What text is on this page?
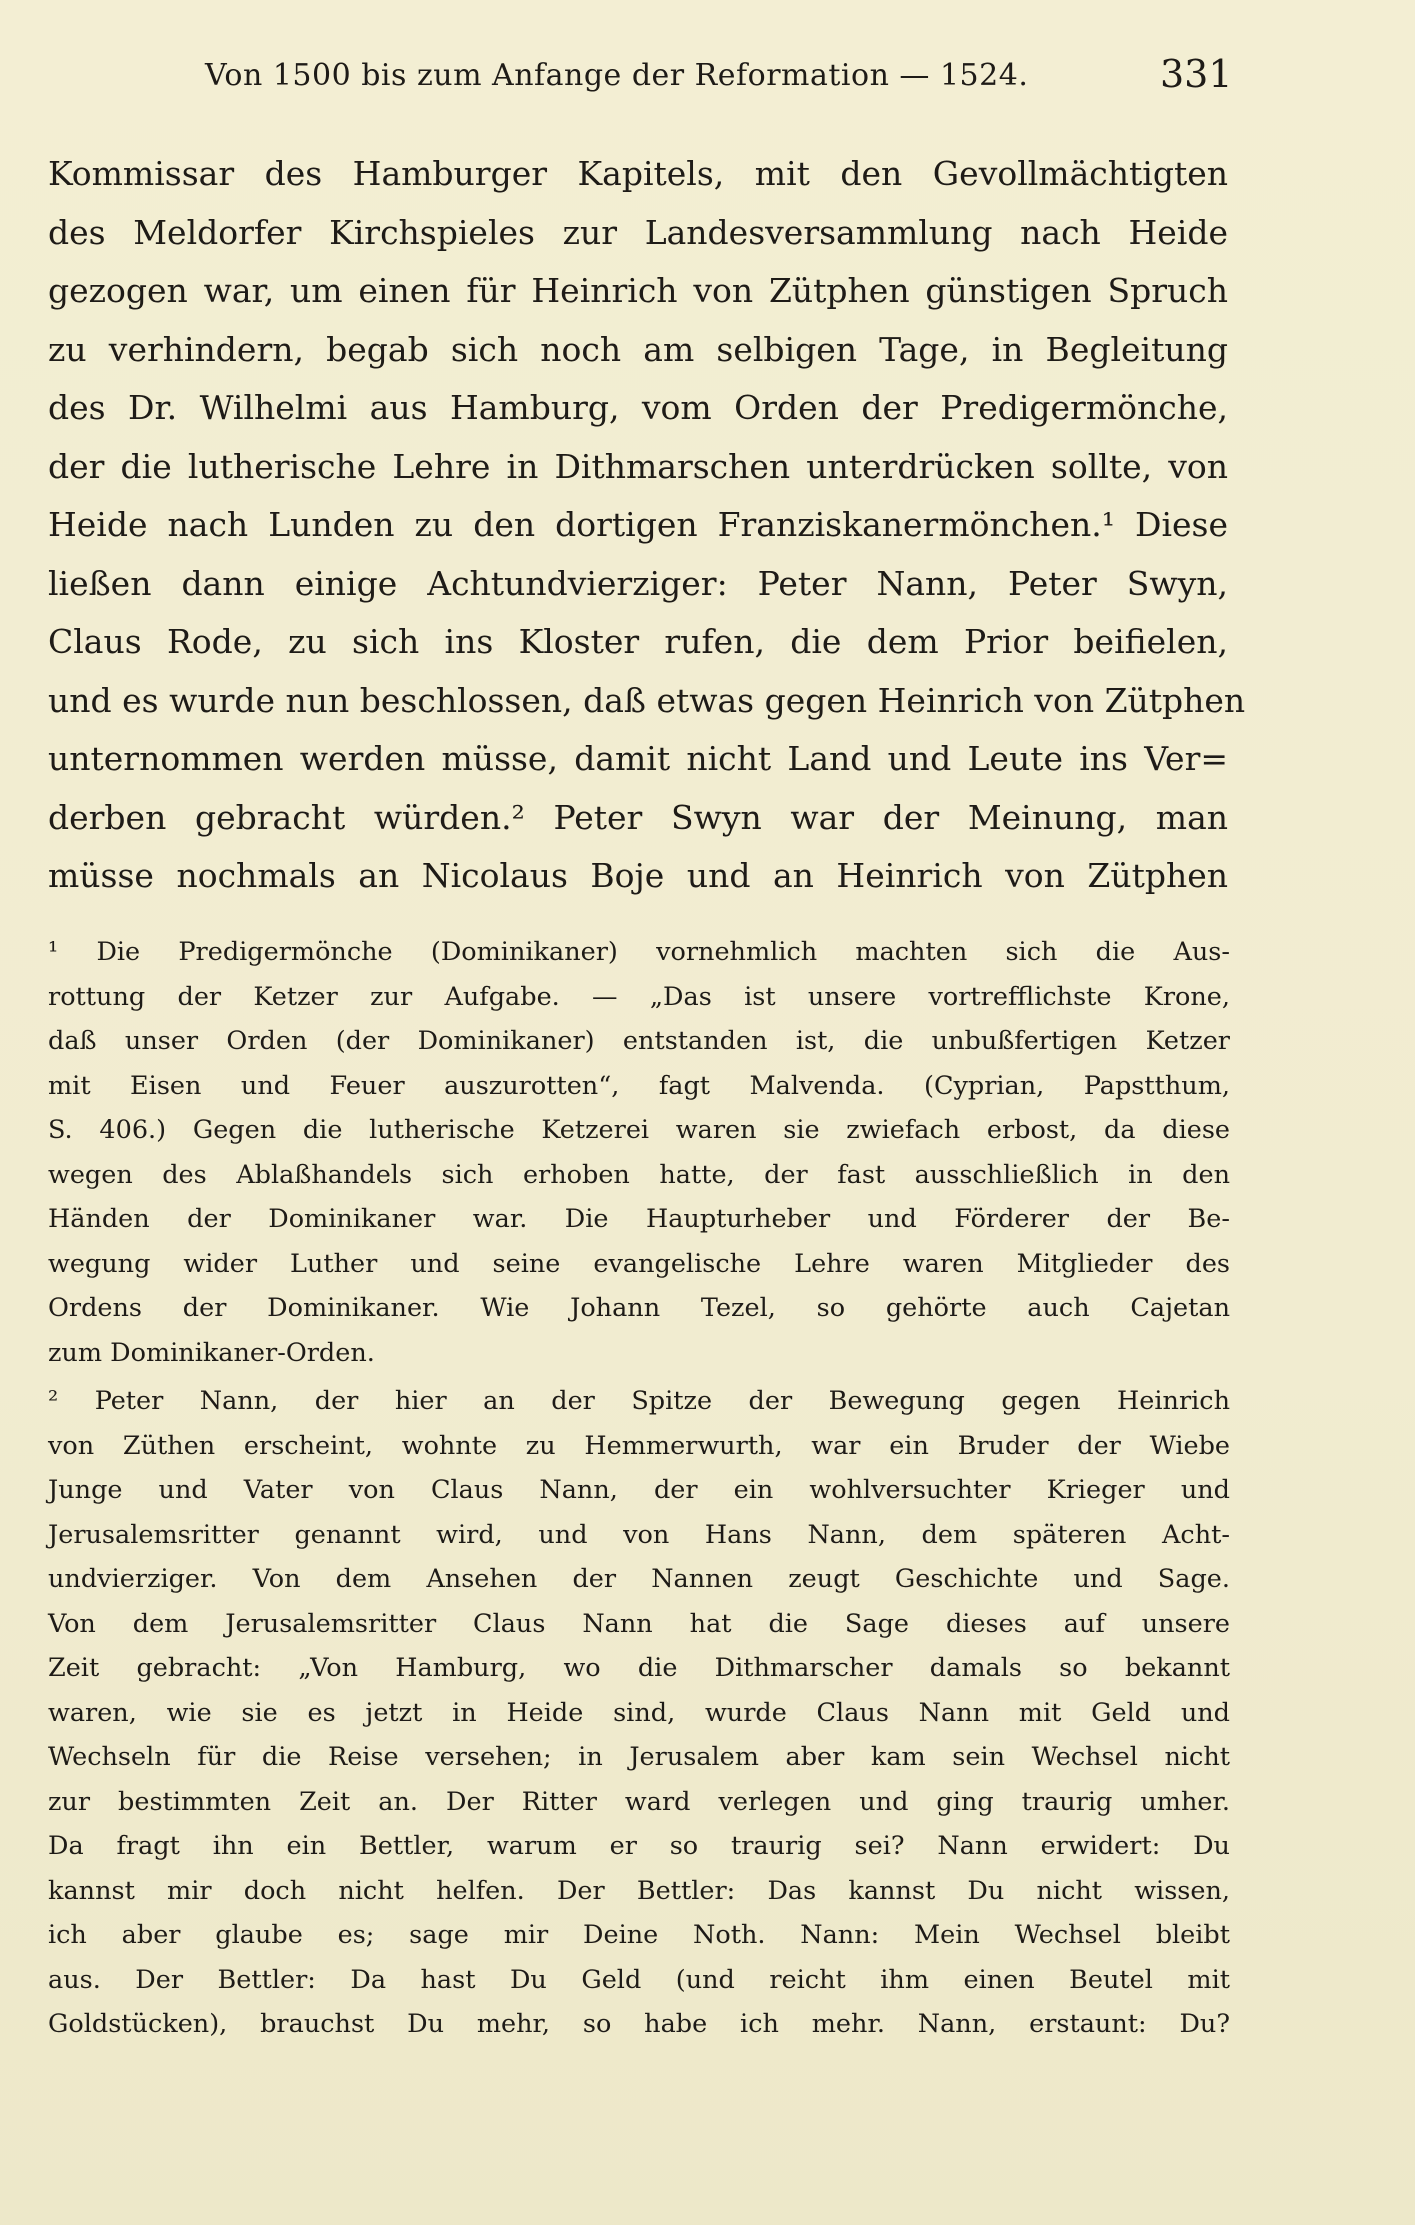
Von 1500 bis zum Anfange der Reformation — 1524.	331
Kommissar des Hamburger Kapitels, mit den Gevollmächtigten
des Meldorfer Kirchspieles zur Landesversammlung nach Heide
gezogen war, um einen für Heinrich von Zütphen günstigen Spruch
zu verhindern, begab sich noch am selbigen Tage, in Begleitung
des Dr. Wilhelmi aus Hamburg, vom Orden der Predigermönche,
der die lutherische Lehre in Dithmarschen unterdrücken sollte, von
Heide nach Lunden zu den dortigen Franziskanermönchen.¹ Diese
ließen dann einige Achtundvierziger: Peter Nann, Peter Swyn,
Claus Rode, zu sich ins Kloster rufen, die dem Prior beifielen,
und es wurde nun beschlossen, daß etwas gegen Heinrich von Zütphen
unternommen werden müsse, damit nicht Land und Leute ins Ver=
derben gebracht würden.² Peter Swyn war der Meinung, man
müsse nochmals an Nicolaus Boje und an Heinrich von Zütphen
¹ Die Predigermönche (Dominikaner) vornehmlich machten sich die Aus-
rottung der Ketzer zur Aufgabe. — „Das ist unsere vortrefflichste Krone,
daß unser Orden (der Dominikaner) entstanden ist, die unbußfertigen Ketzer
mit Eisen und Feuer auszurotten“, fagt Malvenda. (Cyprian, Papstthum,
S. 406.) Gegen die lutherische Ketzerei waren sie zwiefach erbost, da diese
wegen des Ablaßhandels sich erhoben hatte, der fast ausschließlich in den
Händen der Dominikaner war. Die Haupturheber und Förderer der Be-
wegung wider Luther und seine evangelische Lehre waren Mitglieder des
Ordens der Dominikaner. Wie Johann Tezel, so gehörte auch Cajetan
zum Dominikaner-Orden.
² Peter Nann, der hier an der Spitze der Bewegung gegen Heinrich
von Züthen erscheint, wohnte zu Hemmerwurth, war ein Bruder der Wiebe
Junge und Vater von Claus Nann, der ein wohlversuchter Krieger und
Jerusalemsritter genannt wird, und von Hans Nann, dem späteren Acht-
undvierziger. Von dem Ansehen der Nannen zeugt Geschichte und Sage.
Von dem Jerusalemsritter Claus Nann hat die Sage dieses auf unsere
Zeit gebracht: „Von Hamburg, wo die Dithmarscher damals so bekannt
waren, wie sie es jetzt in Heide sind, wurde Claus Nann mit Geld und
Wechseln für die Reise versehen; in Jerusalem aber kam sein Wechsel nicht
zur bestimmten Zeit an. Der Ritter ward verlegen und ging traurig umher.
Da fragt ihn ein Bettler, warum er so traurig sei? Nann erwidert: Du
kannst mir doch nicht helfen. Der Bettler: Das kannst Du nicht wissen,
ich aber glaube es; sage mir Deine Noth. Nann: Mein Wechsel bleibt
aus. Der Bettler: Da hast Du Geld (und reicht ihm einen Beutel mit
Goldstücken), brauchst Du mehr, so habe ich mehr. Nann, erstaunt: Du?
